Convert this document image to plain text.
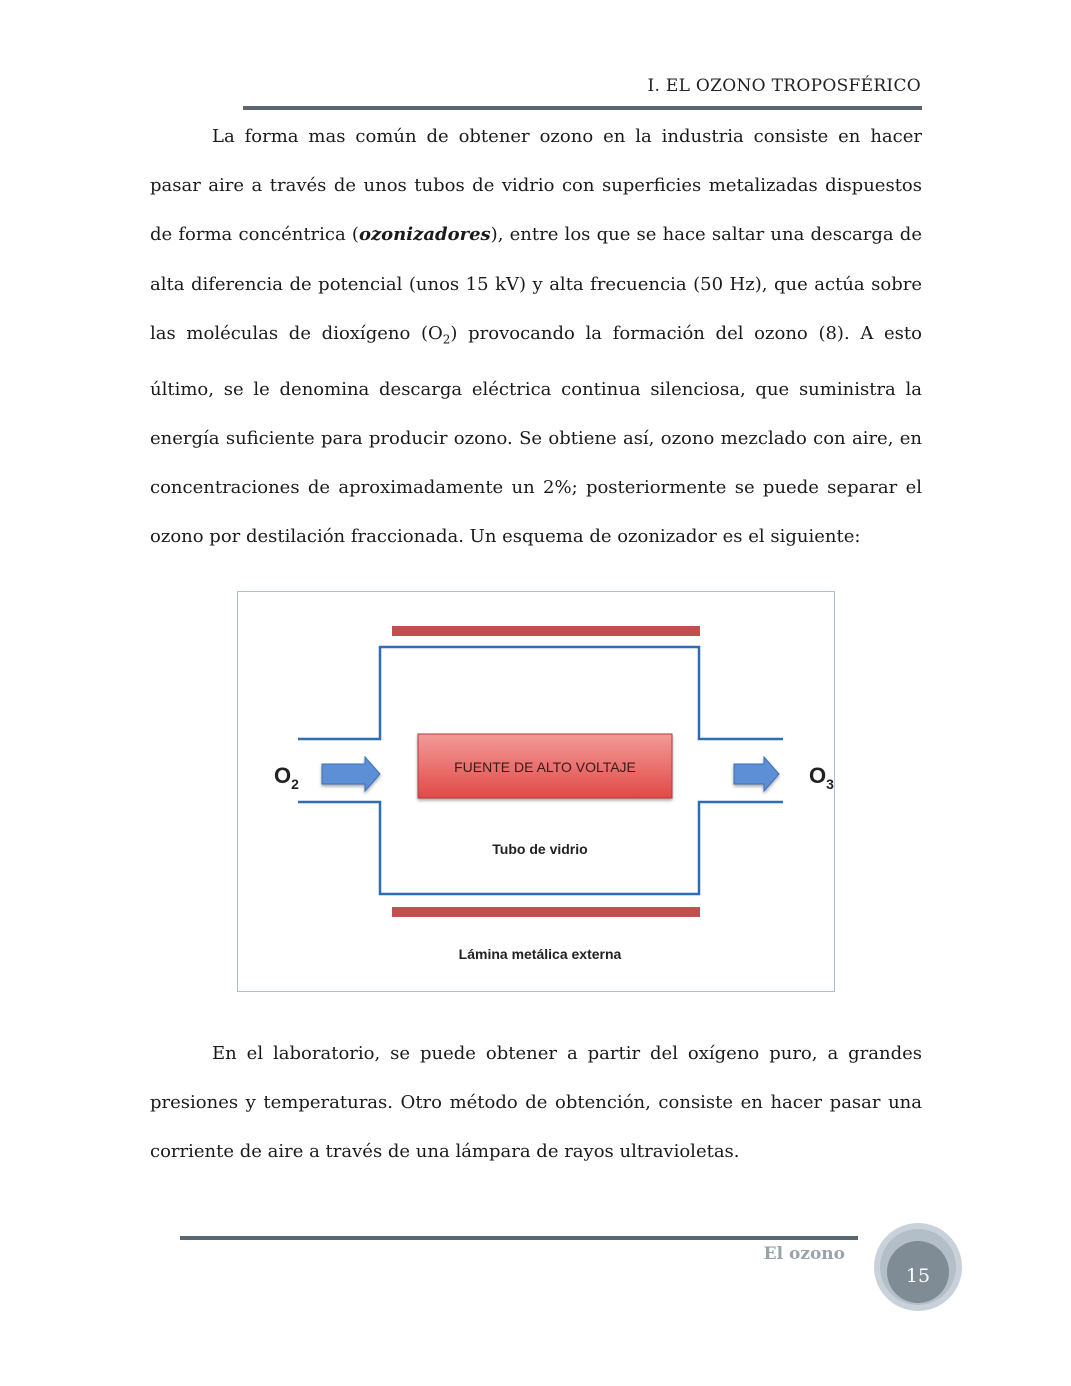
I. EL OZONO TROPOSFÉRICO

La forma mas común de obtener ozono en la industria consiste en hacer pasar aire a través de unos tubos de vidrio con superficies metalizadas dispuestos de forma concéntrica (ozonizadores), entre los que se hace saltar una descarga de alta diferencia de potencial (unos 15 kV) y alta frecuencia (50 Hz), que actúa sobre las moléculas de dioxígeno $(O_2)$ provocando la formación del ozono (8). A esto último, se le denomina descarga eléctrica continua silenciosa, que suministra la energía suficiente para producir ozono. Se obtiene así, ozono mezclado con aire, en concentraciones de aproximadamente un 2%; posteriormente se puede separar el ozono por destilación fraccionada. Un esquema de ozonizador es el siguiente:

FUENTE DE ALTO VOLTAJE
$O_2$	$O_3$
Tubo de vidrio
Lámina metálica externa

En el laboratorio, se puede obtener a partir del oxígeno puro, a grandes presiones y temperaturas. Otro método de obtención, consiste en hacer pasar una corriente de aire a través de una lámpara de rayos ultravioletas.

El ozono
15
